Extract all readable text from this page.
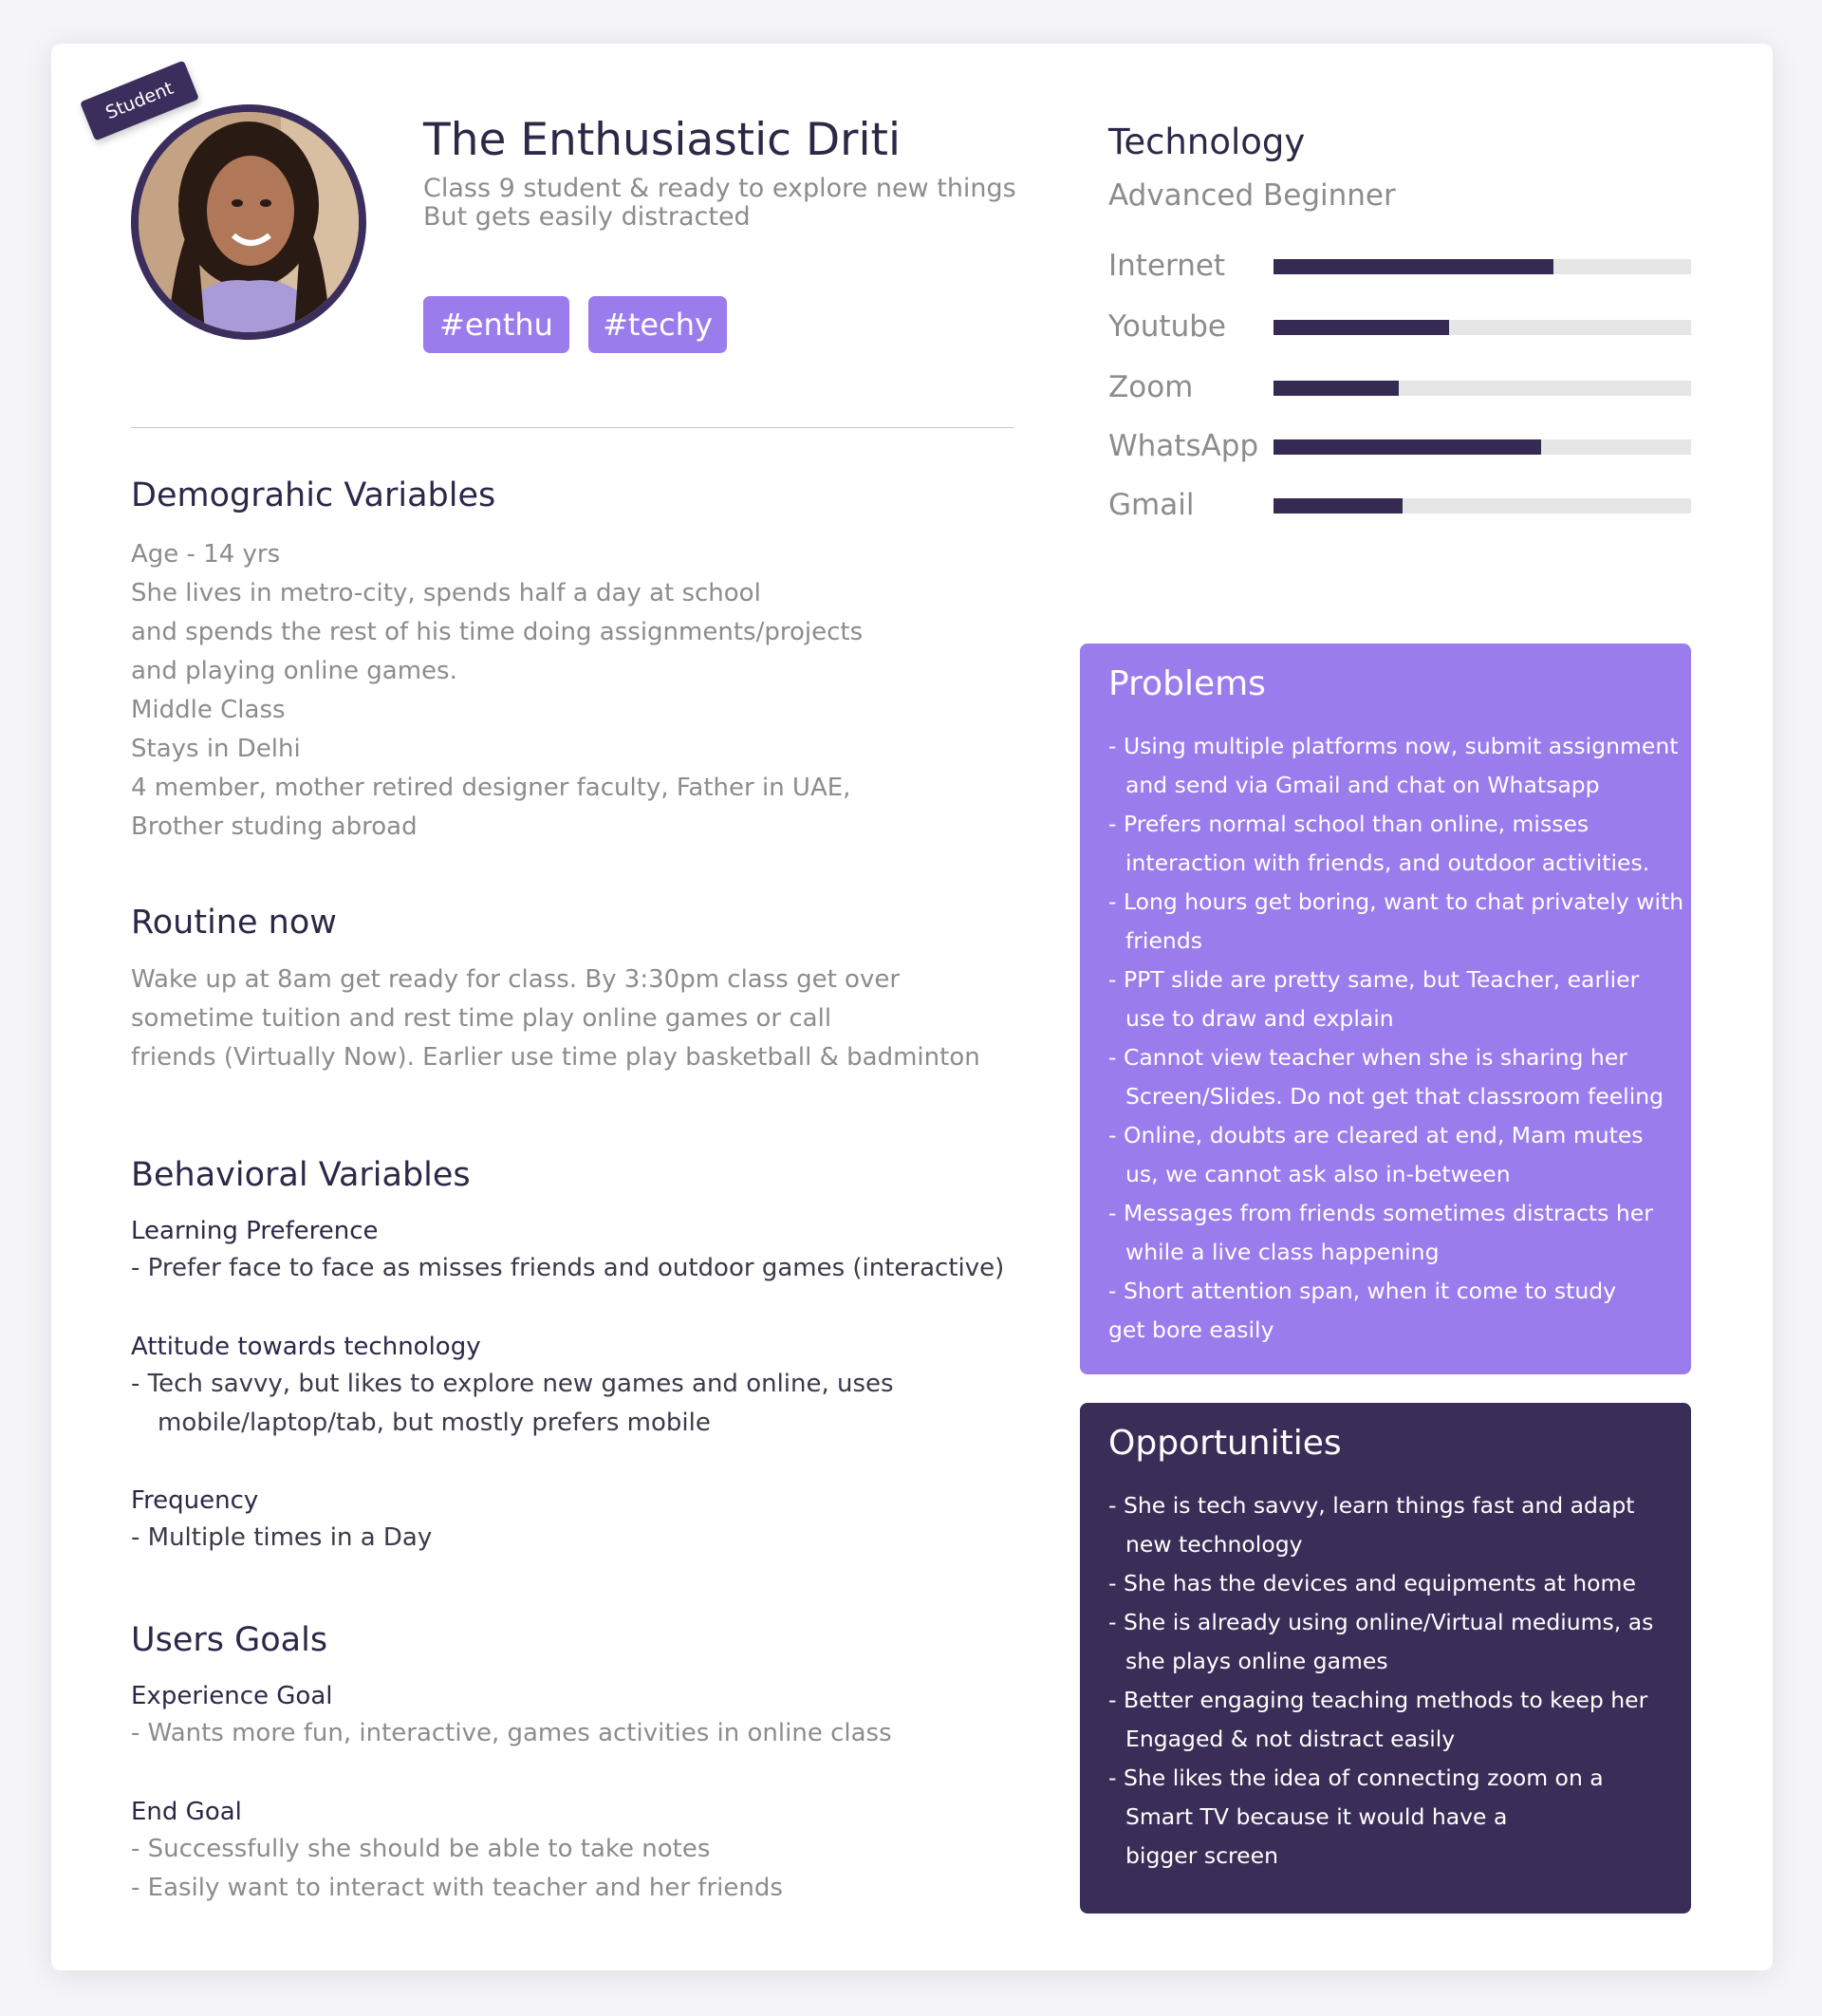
Student
The Enthusiastic Driti
Class 9 student & ready to explore new things
But gets easily distracted
#enthu	#techy
Demograhic Variables
Age - 14 yrs
She lives in metro-city, spends half a day at school
and spends the rest of his time doing assignments/projects
and playing online games.
Middle Class
Stays in Delhi
4 member, mother retired designer faculty, Father in UAE,
Brother studing abroad
Routine now
Wake up at 8am get ready for class. By 3:30pm class get over
sometime tuition and rest time play online games or call
friends (Virtually Now). Earlier use time play basketball & badminton
Behavioral Variables
Learning Preference
- Prefer face to face as misses friends and outdoor games (interactive)
Attitude towards technology
- Tech savvy, but likes to explore new games and online, uses
mobile/laptop/tab, but mostly prefers mobile
Frequency
- Multiple times in a Day
Users Goals
Experience Goal
- Wants more fun, interactive, games activities in online class
End Goal
- Successfully she should be able to take notes
- Easily want to interact with teacher and her friends
Technology
Advanced Beginner
Internet
Youtube
Zoom
WhatsApp
Gmail
Problems
- Using multiple platforms now, submit assignment
and send via Gmail and chat on Whatsapp
- Prefers normal school than online, misses
interaction with friends, and outdoor activities.
- Long hours get boring, want to chat privately with
friends
- PPT slide are pretty same, but Teacher, earlier
use to draw and explain
- Cannot view teacher when she is sharing her
Screen/Slides. Do not get that classroom feeling
- Online, doubts are cleared at end, Mam mutes
us, we cannot ask also in-between
- Messages from friends sometimes distracts her
while a live class happening
- Short attention span, when it come to study
get bore easily
Opportunities
- She is tech savvy, learn things fast and adapt
new technology
- She has the devices and equipments at home
- She is already using online/Virtual mediums, as
she plays online games
- Better engaging teaching methods to keep her
Engaged & not distract easily
- She likes the idea of connecting zoom on a
Smart TV because it would have a
bigger screen
